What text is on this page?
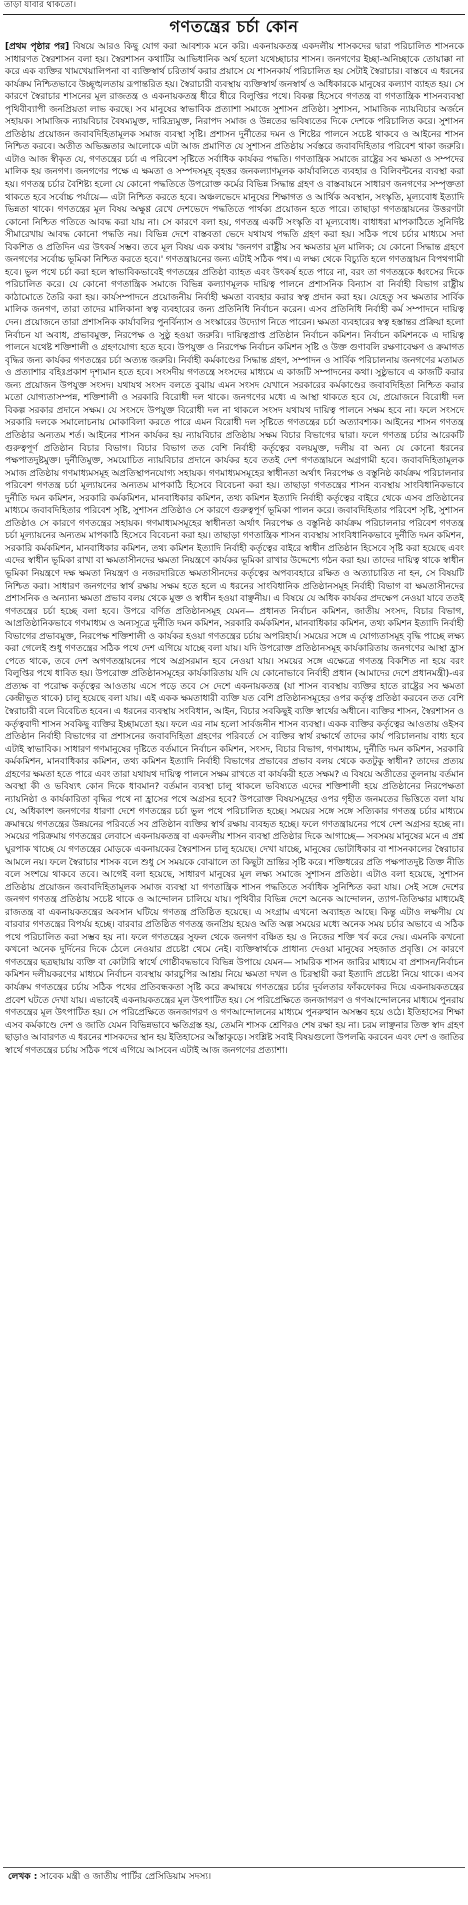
তাড়া যাবার থাকতো।
গণতন্ত্রের চর্চা কোন
[প্রথম পৃষ্ঠার পর] বিষয়ে আরও কিছু যোগ করা আবশ্যক মনে করি। একনায়কতন্ত্র একদলীয় শাসকদের দ্বারা পরিচালিত শাসনকে সাধারণত স্বৈরশাসন বলা হয়। স্বৈরশাসন কথাটির আভিধানিক অর্থ হলো যথেচ্ছাচার শাসন। জনগণের ইচ্ছা-অনিচ্ছাকে তোয়াক্কা না করে এক ব্যক্তির খামখেয়ালিপনা বা ব্যক্তিস্বার্থ চরিতার্থ করার প্রয়াসে যে শাসনকার্য পরিচালিত হয় সেটাই স্বৈরাচার। বাস্তবে এ ধরনের কার্যক্রম নিশ্চিতভাবে উচ্ছৃঙ্খলতায় রূপান্তরিত হয়। স্বৈরাচারী ব্যবস্থায় ব্যক্তিস্বার্থ জনস্বার্থ ও অধিকারকে মানুষের কল্যাণ ব্যাহত হয়। সে কারণে স্বৈরাচার শাসনের মূল রাজতন্ত্র ও একনায়কতন্ত্র ধীরে ধীরে বিলুপ্তির পথে। বিকল্প হিসেবে গণতন্ত্র বা গণতান্ত্রিক শাসনব্যবস্থা পৃথিবীব্যাপী জনপ্রিয়তা লাভ করছে। সব মানুষের স্বাভাবিক প্রত্যাশা সমাজে সুশাসন প্রতিষ্ঠা। সুশাসন, সামাজিক ন্যায়বিচার অর্জনে সহায়ক। সামাজিক ন্যায়বিচার বৈষম্যমুক্ত, দারিদ্র্যমুক্ত, নিরাপদ সমাজ ও উন্নতের ভবিষ্যতের দিকে দেশকে পরিচালিত করে। সুশাসন প্রতিষ্ঠায় প্রয়োজন জবাবদিহিতামূলক সমাজ ব্যবস্থা সৃষ্টি। প্রশাসন দুর্নীতের দমন ও শিষ্টের পালনে সচেষ্ট থাকবে ও আইনের শাসন নিশ্চিত করবে। অতীত অভিজ্ঞতার আলোকে এটা আজ প্রমাণিত যে সুশাসন প্রতিষ্ঠায় সর্বস্তরে জবাবদিহিতার পরিবেশ থাকা জরুরি। এটাও আজ স্বীকৃত যে, গণতন্ত্রের চর্চা এ পরিবেশ সৃষ্টিতে সর্বাধিক কার্যকর পদ্ধতি। গণতান্ত্রিক সমাজে রাষ্ট্রের সব ক্ষমতা ও সম্পদের মালিক হয় জনগণ। জনগণের পক্ষে এ ক্ষমতা ও সম্পদসমূহ বৃহত্তর জনকল্যাণমূলক কার্যাবলিতে ব্যবহার ও বিলিবন্টনের ব্যবস্থা করা হয়। গণতন্ত্র চর্চার বৈশিষ্ট্য হলো যে কোনো পদ্ধতিতে উপরোক্ত কর্মের বিভিন্ন সিদ্ধান্ত গ্রহণ ও বাস্তবায়নে সাধারণ জনগণের সম্পৃক্ততা থাকতে হবে সর্বোচ্চ পর্যায়ে— এটা নিশ্চিত করতে হবে। অঞ্চলভেদে মানুষের শিক্ষাগত ও আর্থিক অবস্থান, সংস্কৃতি, মূল্যবোধ ইত্যাদি ভিন্নতা থাকে। গণতন্ত্রের মূল বিষয় অক্ষুণ্ণ রেখে দেশভেদে পদ্ধতিতে পার্থক্য প্রয়োজন হতে পারে। তাছাড়া গণতন্ত্রায়নের উত্তরণটা কোনো নিশ্চিত গতিতে আবদ্ধ করা যায় না। সে কারণে বলা হয়, গণতন্ত্র একটি সংস্কৃতি বা মূল্যবোধ। বাধাধরা মাপকাঠিতে সুনির্দিষ্ট সীমারেখায় আবদ্ধ কোনো পদ্ধতি নয়। বিভিন্ন দেশে বাস্তবতা ভেদে যথাযথ পদ্ধতি গ্রহণ করা হয়। সঠিক পথে চর্চার মাধ্যমে সদা বিকশিত ও প্রতিদিন এর উৎকর্ষ সম্ভব। তবে মূল বিষয় এক কথায় 'জনগণ রাষ্ট্রীয় সব ক্ষমতার মূল মালিক; যে কোনো সিদ্ধান্ত গ্রহণে জনগণের সর্বোচ্চ ভূমিকা নিশ্চিত করতে হবে।' গণতন্ত্রায়নের জন্য এটাই সঠিক পথ। এ লক্ষ্য থেকে বিচ্যুতি হলে গণতন্ত্রায়ন বিপথগামী হবে। ভুল পথে চর্চা করা হলে স্বাভাবিকভাবেই গণতন্ত্রের প্রতিষ্ঠা ব্যাহত এবং উৎকর্ষ হতে পারে না, বরং তা গণতন্ত্রকে ধ্বংসের দিকে পরিচালিত করে। যে কোনো গণতান্ত্রিক সমাজে বিভিন্ন কল্যাণমূলক দায়িত্ব পালনে প্রশাসনিক বিন্যাস বা নির্বাহী বিভাগ রাষ্ট্রীয় কাঠামোতে তৈরি করা হয়। কার্যসম্পাদনে প্রয়োজনীয় নির্বাহী ক্ষমতা ব্যবহার করার স্বত্ব প্রদান করা হয়। যেহেতু সব ক্ষমতার সার্বিক মালিক জনগণ, তারা তাদের মালিকানা স্বত্ব ব্যবহারের জন্য প্রতিনিধি নির্বাচন করেন। এসব প্রতিনিধি নির্বাহী কর্ম সম্পাদনে দায়িত্ব দেন। প্রয়োজনে তারা প্রশাসনিক কার্যাবলির পুনর্বিন্যাস ও সংস্কারের উদ্যোগ নিতে পারেন। ক্ষমতা ব্যবহারের স্বত্ব হস্তান্তর প্রক্রিয়া হলো নির্বাচন যা অবাধ, প্রভাবমুক্ত, নিরপেক্ষ ও সুষ্ঠু হওয়া জরুরি। দায়িত্বপ্রাপ্ত প্রতিষ্ঠান নির্বাচন কমিশন। নির্বাচন কমিশনকে এ দায়িত্ব পালনে যথেষ্ট শক্তিশালী ও গ্রহণযোগ্য হতে হবে। উপযুক্ত ও নিরপেক্ষ নির্বাচন কমিশন সৃষ্টি ও উক্ত গুণাবলি রক্ষণাবেক্ষণ ও ক্রমাগত বৃদ্ধির জন্য কার্যকর গণতন্ত্রের চর্চা অত্যন্ত জরুরি। নির্বাহী কর্মকাণ্ডের সিদ্ধান্ত গ্রহণ, সম্পাদন ও সার্বিক পরিচালনায় জনগণের মতামত ও প্রত্যাশার বহিঃপ্রকাশ দৃশ্যমান হতে হবে। সংসদীয় গণতন্ত্রে সংসদের মাধ্যমে এ কাজটি সম্পাদনের কথা। সুষ্ঠুভাবে এ কাজটি করার জন্য প্রয়োজন উপযুক্ত সংসদ। যথাযথ সংসদ বলতে বুঝায় এমন সংসদ যেখানে সরকারের কর্মকাণ্ডের জবাবদিহিতা নিশ্চিত করার মতো যোগ্যতাসম্পন্ন, শক্তিশালী ও সরকারি বিরোধী দল থাকে। জনগণের মধ্যে এ আস্থা থাকতে হবে যে, প্রয়োজনে বিরোধী দল বিকল্প সরকার প্রদানে সক্ষম। যে সংসদে উপযুক্ত বিরোধী দল না থাকলে সংসদ যথাযথ দায়িত্ব পালনে সক্ষম হবে না। ফলে সংসদে সরকারি দলকে সমালোচনায় মোকাবিলা করতে পারে এমন বিরোধী দল সৃষ্টিতে গণতন্ত্রের চর্চা অত্যাবশ্যক। আইনের শাসন গণতন্ত্র প্রতিষ্ঠার অন্যতম শর্ত। আইনের শাসন কার্যকর হয় ন্যায়বিচার প্রতিষ্ঠায় সক্ষম বিচার বিভাগের দ্বারা। ফলে গণতন্ত্র চর্চার আরেকটি গুরুত্বপূর্ণ প্রতিষ্ঠান বিচার বিভাগ। বিচার বিভাগ তত বেশি নির্বাহী কর্তৃত্বের বলয়মুক্ত, দলীয় বা অন্য যে কোনো ধরনের পক্ষপাতদুষ্টমুক্ত। দুর্নীতিমুক্ত, সময়োচিত ন্যায়বিচার প্রদানে কার্যকর হবে ততই দেশ গণতন্ত্রায়নে অগ্রগামী হবে। জবাবদিহিতামূলক সমাজ প্রতিষ্ঠায় গণমাধ্যমসমূহ অপ্রতিস্থাপনযোগ্য সহায়ক। গণমাধ্যমসমূহের স্বাধীনতা অর্থাৎ নিরপেক্ষ ও বস্তুনিষ্ঠ কার্যক্রম পরিচালনার পরিবেশ গণতন্ত্র চর্চা মূল্যায়নের অন্যতম মাপকাঠি হিসেবে বিবেচনা করা হয়। তাছাড়া গণতন্ত্রের শাসন ব্যবস্থায় সাংবিধানিকভাবে দুর্নীতি দমন কমিশন, সরকারি কর্মকমিশন, মানবাধিকার কমিশন, তথ্য কমিশন ইত্যাদি নির্বাহী কর্তৃত্বের বাইরে থেকে এসব প্রতিষ্ঠানের মাধ্যমে জবাবদিহিতার পরিবেশ সৃষ্টি, সুশাসন প্রতিষ্ঠাও সে কারণে গুরুত্বপূর্ণ ভূমিকা পালন করে। জবাবদিহিতার পরিবেশ সৃষ্টি, সুশাসন প্রতিষ্ঠাও সে কারণে গণতন্ত্রের সহায়ক। গণমাধ্যমসমূহের স্বাধীনতা অর্থাৎ নিরপেক্ষ ও বস্তুনিষ্ঠ কার্যক্রম পরিচালনার পরিবেশ গণতন্ত্র চর্চা মূল্যায়নের অন্যতম মাপকাঠি হিসেবে বিবেচনা করা হয়। তাছাড়া গণতান্ত্রিক শাসন ব্যবস্থায় সাংবিধানিকভাবে দুর্নীতি দমন কমিশন, সরকারি কর্মকমিশন, মানবাধিকার কমিশন, তথ্য কমিশন ইত্যাদি নির্বাহী কর্তৃত্বের বাইরে স্বাধীন প্রতিষ্ঠান হিসেবে সৃষ্টি করা হয়েছে এবং এদের স্বাধীন ভূমিকা রাখা বা ক্ষমতাসীনদের ক্ষমতা নিয়ন্ত্রণে কার্যকর ভূমিকা রাখার উদ্দেশ্যে গঠন করা হয়। তাদের দায়িত্ব থাকে স্বাধীন ভূমিকা নিয়ন্ত্রণে দক্ষ ক্ষমতা নিয়ন্ত্রণ ও নজরদারিতে ক্ষমতাসীনদের কর্তৃত্বের অপব্যবহারে রক্ষিত ও অত্যাচারিত না হন, সে বিষয়টি নিশ্চিত করা। সাধারণ জনগণের স্বার্থ রক্ষায় সক্ষম হতে হলে এ ধরনের সাংবিধানিক প্রতিষ্ঠানসমূহ নির্বাহী বিভাগ বা ক্ষমতাসীনদের প্রশাসনিক ও অন্যান্য ক্ষমতা প্রভাব বলয় থেকে মুক্ত ও স্বাধীন হওয়া বাঞ্ছনীয়। এ বিষয়ে যে অধিক কার্যকর প্রদক্ষেপ নেওয়া যাবে ততই গণতন্ত্রের চর্চা হচ্ছে বলা হবে। উপরে বর্ণিত প্রতিষ্ঠানসমূহ যেমন— প্রধানত নির্বাচন কমিশন, জাতীয় সংসদ, বিচার বিভাগ, আপ্রতিষ্ঠানিকভাবে গণমাধ্যম ও অন্যসূত্রে দুর্নীতি দমন কমিশন, সরকারি কর্মকমিশন, মানবাধিকার কমিশন, তথ্য কমিশন ইত্যাদি নির্বাহী বিভাগের প্রভাবমুক্ত, নিরপেক্ষ শক্তিশালী ও কার্যকর হওয়া গণতন্ত্রের চর্চায় অপরিহার্য। সময়ের সঙ্গে এ যোগ্যতাসমূহ বৃদ্ধি পাচ্ছে লক্ষ্য করা গেলেই শুধু গণতন্ত্রের সঠিক পথে দেশ এগিয়ে যাচ্ছে বলা যায়। যদি উপরোক্ত প্রতিষ্ঠানসমূহ কার্যকারিতায় জনগণের আস্থা হ্রাস পেতে থাকে, তবে দেশ অগণতন্ত্রায়নের পথে অগ্রসরমান হবে নেওয়া যায়। সময়ের সঙ্গে এক্ষেত্রে গণতন্ত্র বিকশিত না হয়ে বরং বিলুপ্তির পথে ধাবিত হয়। উপরোক্ত প্রতিষ্ঠানসমূহের কার্যকারিতায় যদি যে কোনোভাবে নির্বাহী প্রধান (আমাদের দেশে প্রধানমন্ত্রী)-এর প্রত্যক্ষ বা পরোক্ষ কর্তৃত্বের আওতায় এসে পড়ে তবে সে দেশে একনায়কতন্ত্র (যা শাসন ব্যবস্থায় ব্যক্তির হাতে রাষ্ট্রের সব ক্ষমতা কেন্দ্রীভূত থাকে) চালু হয়েছে বলা যায়। এই একক ক্ষমতাধারী ব্যক্তি যত বেশি প্রতিষ্ঠানসমূহের ওপর কর্তৃত্ব প্রতিষ্ঠা করবেন তত বেশি স্বৈরাচারী বলে বিবেচিত হবেন। এ ধরনের ব্যবস্থায় সংবিধান, আইন, বিচার সবকিছুই ব্যক্তি স্বার্থের অধীনে। ব্যক্তির শাসন, স্বৈরশাসন ও কর্তৃত্ববাদী শাসন সবকিছু ব্যক্তির ইচ্ছামতো হয়। ফলে এর নাম হলো সার্বজনীন শাসন ব্যবস্থা। একক ব্যক্তির কর্তৃত্বের আওতায় ওইসব প্রতিষ্ঠান নির্বাহী বিভাগের বা প্রশাসনের জবাবদিহিতা গ্রহণের পরিবর্তে সে ব্যক্তির স্বার্থ রক্ষার্থে তাদের কার্য পরিচালনায় বাধ্য হবে এটাই স্বাভাবিক। সাধারণ গণমানুষের দৃষ্টিতে বর্তমানে নির্বাচন কমিশন, সংসদ, বিচার বিভাগ, গণমাধ্যম, দুর্নীতি দমন কমিশন, সরকারি কর্মকমিশন, মানবাধিকার কমিশন, তথ্য কমিশন ইত্যাদি নির্বাহী বিভাগের প্রভাবের প্রভাব বলয় থেকে কতটুকু স্বাধীন? তাদের প্রত্যয় গ্রহণের ক্ষমতা হতে পারে এবং তারা যথাযথ দায়িত্ব পালনে সক্ষম রাখতে বা কার্যকরী হতে সক্ষম? এ বিষয়ে অতীতের তুলনায় বর্তমান অবস্থা কী ও ভবিষ্যৎ কোন দিকে ধাবমান? বর্তমান ব্যবস্থা চালু থাকলে ভবিষ্যতে এদের শক্তিশালী হয়ে প্রতিষ্ঠানের নিরপেক্ষতা ন্যায়নিষ্ঠা ও কার্যকারিতা বৃদ্ধির পথে না হ্রাসের পথে অগ্রসর হবে? উপরোক্ত বিষয়সমূহের ওপর গৃহীত জনমতের ভিত্তিতে বলা যায় যে, অধিকাংশ জনগণের ধারণা দেশে গণতন্ত্রের চর্চা ভুল পথে পরিচালিত হচ্ছে। সময়ের সঙ্গে সঙ্গে সত্যিকার গণতন্ত্র চর্চার মাধ্যমে ক্রমান্বয়ে গণতন্ত্রের উন্নয়নের পরিবর্তে সব প্রতিষ্ঠান ব্যক্তির স্বার্থ রক্ষায় ব্যবহৃত হচ্ছে। ফলে গণতন্ত্রায়নের পথে দেশ অগ্রসর হচ্ছে না। সময়ের পরিক্রমায় গণতন্ত্রের লেবাসে একনায়কতন্ত্র বা একদলীয় শাসন ব্যবস্থা প্রতিষ্ঠার দিকে আগাচ্ছে— সবসময় মানুষের মনে এ প্রশ্ন ঘুরপাক খাচ্ছে যে গণতন্ত্রের মোড়কে একনায়কের স্বৈরশাসন চালু হয়েছে। দেখা যাচ্ছে, মানুষের ভোটাধিকার বা শাসনকালের স্বৈরাচার আমলে নয়। ফলে স্বৈরাচার শাসক বলে শুধু সে সময়কে বোঝালে তা কিছুটা ভ্রান্তির সৃষ্টি করে। শক্তিধরের প্রতি পক্ষপাতদুষ্ট তিক্ত নীতি বলে সংশয়ে থাকবে তবে। আগেই বলা হয়েছে, সাধারণ মানুষের মূল লক্ষ্য সমাজে সুশাসন প্রতিষ্ঠা। এটাও বলা হয়েছে, সুশাসন প্রতিষ্ঠায় প্রয়োজন জবাবদিহিতামূলক সমাজ ব্যবস্থা যা গণতান্ত্রিক শাসন পদ্ধতিতে সর্বাধিক সুনিশ্চিত করা যায়। সেই সঙ্গে দেশের জনগণ গণতন্ত্র প্রতিষ্ঠায় সচেষ্ট থাকে ও আন্দোলন চালিয়ে যায়। পৃথিবীর বিভিন্ন দেশে অনেক আন্দোলন, ত্যাগ-তিতিক্ষার মাধ্যমেই রাজতন্ত্র বা একনায়কতন্ত্রের অবসান ঘটিয়ে গণতন্ত্র প্রতিষ্ঠিত হয়েছে। এ সংগ্রাম এখনো অব্যাহত আছে। কিন্তু এটাও লক্ষণীয় যে বারবার গণতন্ত্রের বিপর্যয় হচ্ছে। বারবার প্রতিষ্ঠিত গণতন্ত্র জনপ্রিয় হয়েও অতি অল্প সময়ের মধ্যে অনেক সময় চর্চার অভাবে এ সঠিক পথে পরিচালিত করা সম্ভব হয় না। ফলে গণতন্ত্রের সুফল থেকে জনগণ বঞ্চিত হয় ও নিজের শক্তি খর্ব করে দেয়। এমনকি কখনো কখনো অনেক দুর্দিনের দিকে ঠেলে নেওয়ার প্রচেষ্টা থেমে নেই। ব্যক্তিস্বার্থকে প্রাধান্য দেওয়া মানুষের সহজাত প্রবৃত্তি। সে কারণে গণতন্ত্রের ছত্রছায়ায় ব্যক্তি বা কোটারি স্বার্থে গোষ্ঠীবদ্ধভাবে বিভিন্ন উপায়ে যেমন— সামরিক শাসন জারির মাধ্যমে বা প্রশাসন/নির্বাচন কমিশন দলীয়করণের মাধ্যমে নির্বাচন ব্যবস্থায় কারচুপির আশ্রয় নিয়ে ক্ষমতা দখল ও চিরস্থায়ী করা ইত্যাদি প্রচেষ্টা নিয়ে থাকে। এসব কার্যক্রম গণতন্ত্রের চর্চায় সঠিক পথের প্রতিবন্ধকতা সৃষ্টি করে ক্রমান্বয়ে গণতন্ত্রের চর্চার দুর্বলতার ফাঁকফোকর দিয়ে একনায়কতন্ত্রের প্রবেশ ঘটতে দেখা যায়। এভাবেই একনায়কতন্ত্রের মূল উৎপাটিত হয়। সে পরিপ্রেক্ষিতে জনজাগরণ ও গণআন্দোলনের মাধ্যমে পুনরায় গণতন্ত্রের মূল উৎপাটিত হয়। সে পরিপ্রেক্ষিতে জনজাগরণ ও গণআন্দোলনের মাধ্যমে পুনরুত্থান অসম্ভব হয়ে ওঠে। ইতিহাসের শিক্ষা এসব কর্মকাণ্ডে দেশ ও জাতি যেমন বিভিন্নভাবে ক্ষতিগ্রস্ত হয়, তেমনি শাসক শ্রেণিরও শেষ রক্ষা হয় না। চরম লাঞ্ছনার তিক্ত স্বাদ গ্রহণ ছাড়াও আবারণত এ ধরনের শাসকদের স্থান হয় ইতিহাসের আঁস্তাকুড়ে। সংশ্লিষ্ট সবাই বিষয়গুলো উপলব্ধি করবেন এবং দেশ ও জাতির স্বার্থে গণতন্ত্রের চর্চায় সঠিক পথে এগিয়ে আসবেন এটাই আজ জনগণের প্রত্যাশা।
লেখক : সাবেক মন্ত্রী ও জাতীয় পার্টির প্রেসিডিয়াম সদস্য।
